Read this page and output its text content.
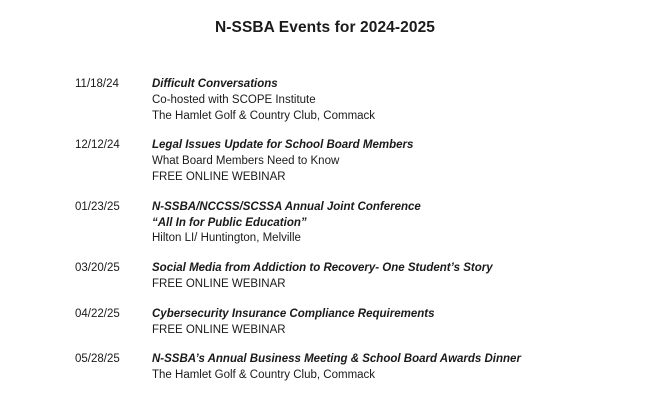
N-SSBA Events for 2024-2025
11/18/24	Difficult Conversations
Co-hosted with SCOPE Institute
The Hamlet Golf & Country Club, Commack
12/12/24	Legal Issues Update for School Board Members
What Board Members Need to Know
FREE ONLINE WEBINAR
01/23/25	N-SSBA/NCCSS/SCSSA Annual Joint Conference
“All In for Public Education”
Hilton LI/ Huntington, Melville
03/20/25	Social Media from Addiction to Recovery- One Student’s Story
FREE ONLINE WEBINAR
04/22/25	Cybersecurity Insurance Compliance Requirements
FREE ONLINE WEBINAR
05/28/25	N-SSBA’s Annual Business Meeting & School Board Awards Dinner
The Hamlet Golf & Country Club, Commack
